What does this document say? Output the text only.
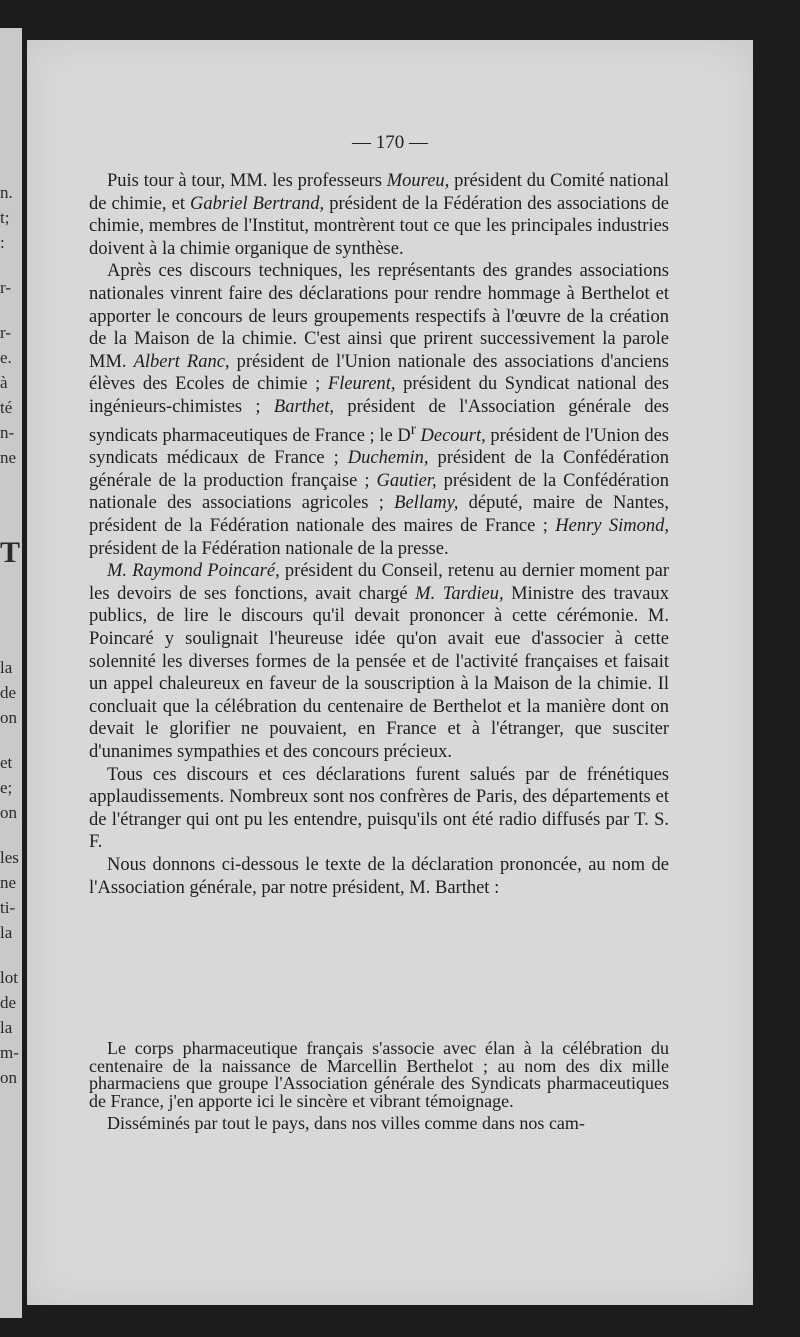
n.
t;
:
r-
r-
e.
à
té
n-
ne
T
la
de
on
et
e;
on
les
ne
ti-
la
lot
de
la
m-
on
— 170 —

Puis tour à tour, MM. les professeurs Moureu, président du Comité national de chimie, et Gabriel Bertrand, président de la Fédération des associations de chimie, membres de l'Institut, montrèrent tout ce que les principales industries doivent à la chimie organique de synthèse.

Après ces discours techniques, les représentants des grandes associations nationales vinrent faire des déclarations pour rendre hommage à Berthelot et apporter le concours de leurs groupements respectifs à l'œuvre de la création de la Maison de la chimie. C'est ainsi que prirent successivement la parole MM. Albert Ranc, président de l'Union nationale des associations d'anciens élèves des Ecoles de chimie ; Fleurent, président du Syndicat national des ingénieurs-chimistes ; Barthet, président de l'Association générale des syndicats pharmaceutiques de France ; le $D^r$ Decourt, président de l'Union des syndicats médicaux de France ; Duchemin, président de la Confédération générale de la production française ; Gautier, président de la Confédération nationale des associations agricoles ; Bellamy, député, maire de Nantes, président de la Fédération nationale des maires de France ; Henry Simond, président de la Fédération nationale de la presse.

M. Raymond Poincaré, président du Conseil, retenu au dernier moment par les devoirs de ses fonctions, avait chargé M. Tardieu, Ministre des travaux publics, de lire le discours qu'il devait prononcer à cette cérémonie. M. Poincaré y soulignait l'heureuse idée qu'on avait eue d'associer à cette solennité les diverses formes de la pensée et de l'activité françaises et faisait un appel chaleureux en faveur de la souscription à la Maison de la chimie. Il concluait que la célébration du centenaire de Berthelot et la manière dont on devait le glorifier ne pouvaient, en France et à l'étranger, que susciter d'unanimes sympathies et des concours précieux.

Tous ces discours et ces déclarations furent salués par de frénétiques applaudissements. Nombreux sont nos confrères de Paris, des départements et de l'étranger qui ont pu les entendre, puisqu'ils ont été radio diffusés par T. S. F.

Nous donnons ci-dessous le texte de la déclaration prononcée, au nom de l'Association générale, par notre président, M. Barthet :

Le corps pharmaceutique français s'associe avec élan à la célébration du centenaire de la naissance de Marcellin Berthelot ; au nom des dix mille pharmaciens que groupe l'Association générale des Syndicats pharmaceutiques de France, j'en apporte ici le sincère et vibrant témoignage.

Disséminés par tout le pays, dans nos villes comme dans nos cam-
